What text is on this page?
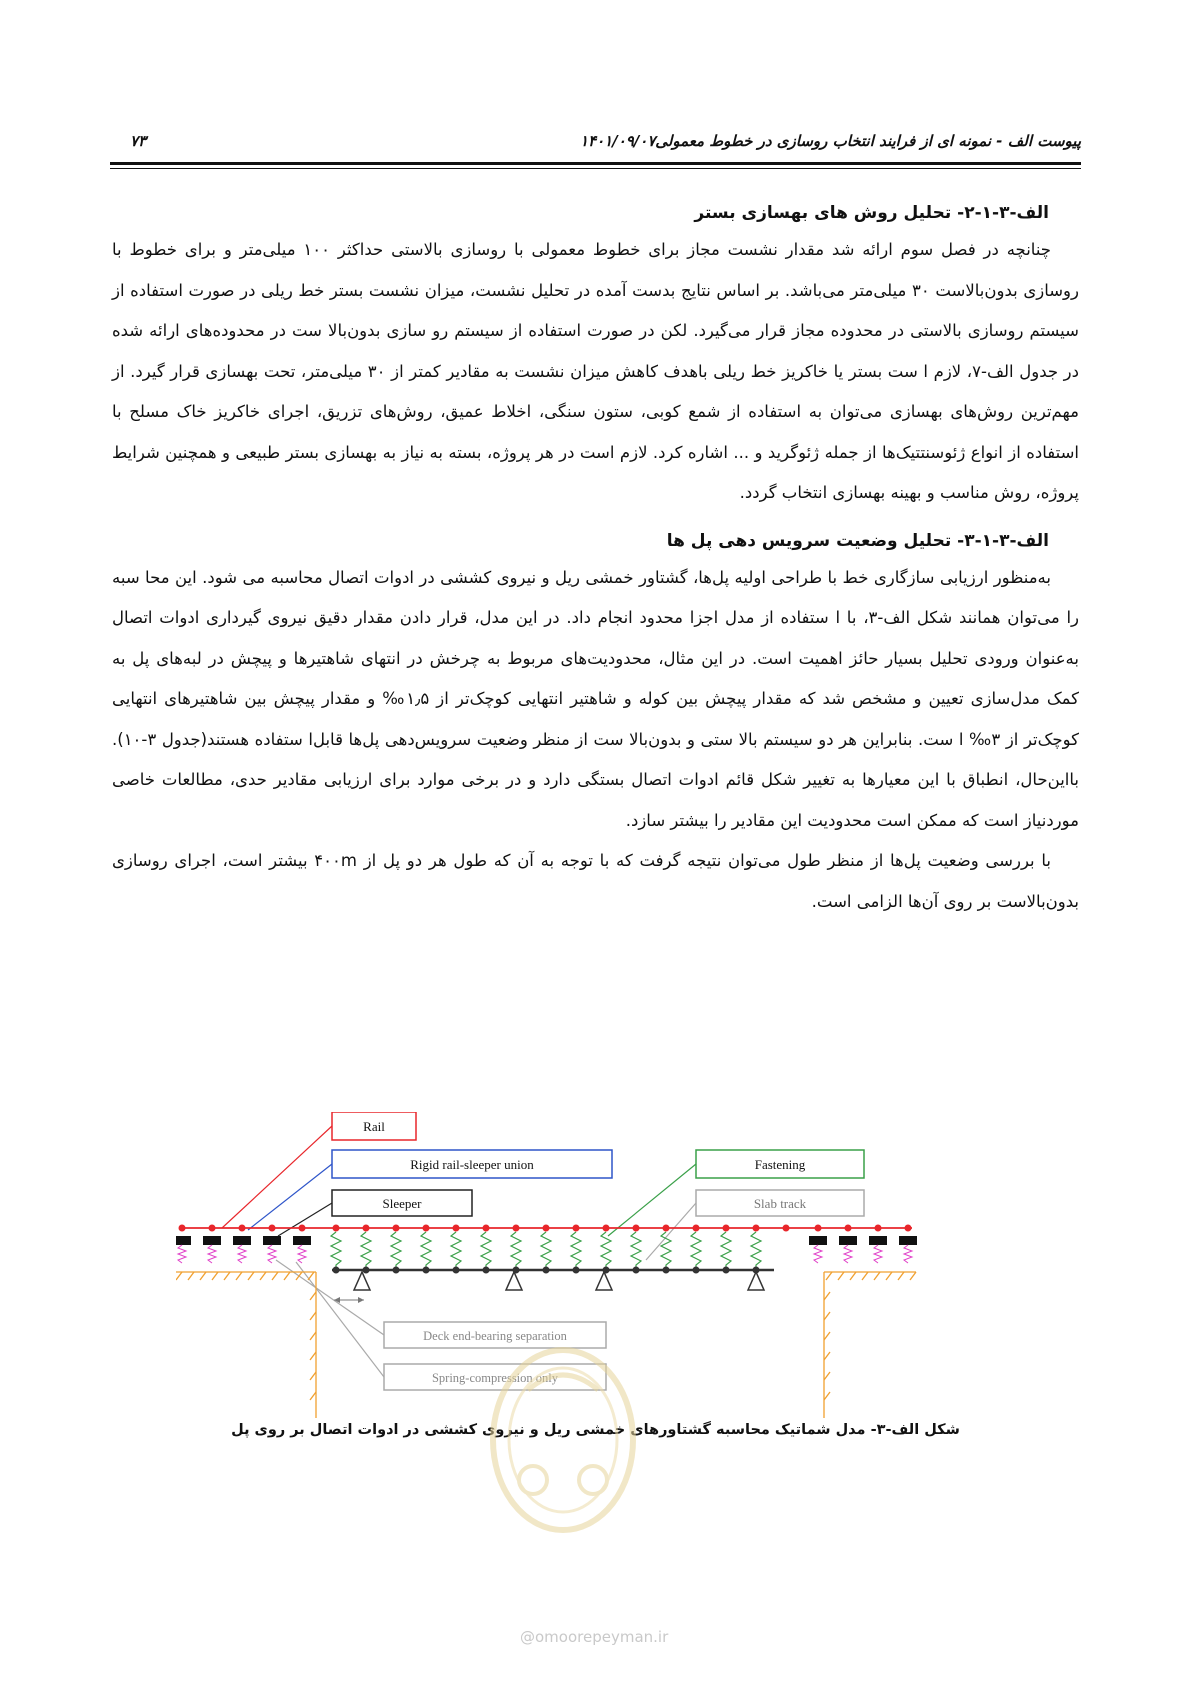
۷۳	۱۴۰۱/۰۹/۰۷ پیوست الف - نمونه ای از فرایند انتخاب روسازی در خطوط معمولی
الف-۳-۱-۲- تحلیل روش های بهسازی بستر

چنانچه در فصل سوم ارائه شد مقدار نشست مجاز برای خطوط معمولی با روسازی بالاستی حداکثر ۱۰۰ میلی‌متر و برای خطوط با روسازی بدون‌بالاست ۳۰ میلی‌متر می‌باشد. بر اساس نتایج بدست آمده در تحلیل نشست، میزان نشست بستر خط ریلی در صورت استفاده از سیستم روسازی بالاستی در محدوده مجاز قرار می‌گیرد. لکن در صورت استفاده از سیستم رو سازی بدون‌بالا ست در محدوده‌های ارائه شده در جدول الف-۷، لازم ا ست ب‍ستر یا خاکریز خط ریلی باهدف کاهش میزان نشست به مقادیر کمتر از ۳۰ میلی‌متر، تحت بهسازی قرار گیرد. از مهم‌ترین روش‌های بهسازی می‌توان به استفاده از شمع کوبی، ستون سنگی، اخلاط عمیق، روش‌های تزریق، اجرای خاکریز خاک مسلح با استفاده از انواع ژئوسنتتیک‌ها از جمله ژئوگرید و ... اشاره کرد. لازم است در هر پروژه، بسته به نیاز به بهسازی ب‍ستر طبیعی و همچنین شرایط پروژه، روش مناسب و بهینه بهسازی انتخاب گردد.

الف-۳-۱-۳- تحلیل وضعیت سرویس دهی پل ها

به‌منظور ارزیابی سازگاری خط با طراحی اولیه پل‌ها، گشتاور خمشی ریل و نیروی کششی در ادوات اتصال محاسبه می شود. این محا سبه را می‌توان همانند شکل الف-۳، با ا ستفاده از مدل اجزا محدود انجام داد. در این مدل، قرار دادن مقدار دقیق نیروی گیرداری ادوات اتصال به‌عنوان ورودی تحلیل بسیار حائز اهمیت است. در این مثال، محدودیت‌های مربوط به چرخش در انتهای شاهتیرها و پیچش در لبه‌های پل به کمک مدل‌سازی تعیین و مشخص شد که مقدار پیچش بین کوله و شاهتیر انتهایی کوچک‌تر از ۱٫۵‰ و مقدار پیچش بین شاهتیرهای انتهایی کوچک‌تر از ۳‰ ا ست. بنابراین هر دو سیستم بالا ستی و بدون‌بالا ست از منظر وضعیت سرویس‌دهی پل‌ها قابل‌ا ستفاده هستند(جدول ۳-۱۰). بااین‌حال، انطباق با این معیارها به تغییر شکل قائم ادوات اتصال بستگی دارد و در برخی موارد برای ارزیابی مقادیر حدی، مطالعات خاصی موردنیاز است که ممکن است محدودیت این مقادیر را بیشتر سازد.

با بررسی وضعیت پل‌ها از منظر طول می‌توان نتیجه گرفت که با توجه به آن که طول هر دو پل از ۴۰۰m بیشتر است، اجرای روسازی بدون‌بالاست بر روی آن‌ها الزامی است.

Rail
Rigid rail-sleeper union
Sleeper
Fastening
Slab track
Deck end-bearing separation
Spring-compression only
شکل الف-۳- مدل شماتیک محاسبه گشتاورهای خمشی ریل و نیروی کششی در ادوات اتصال بر روی پل
@omoorepeyman.ir
